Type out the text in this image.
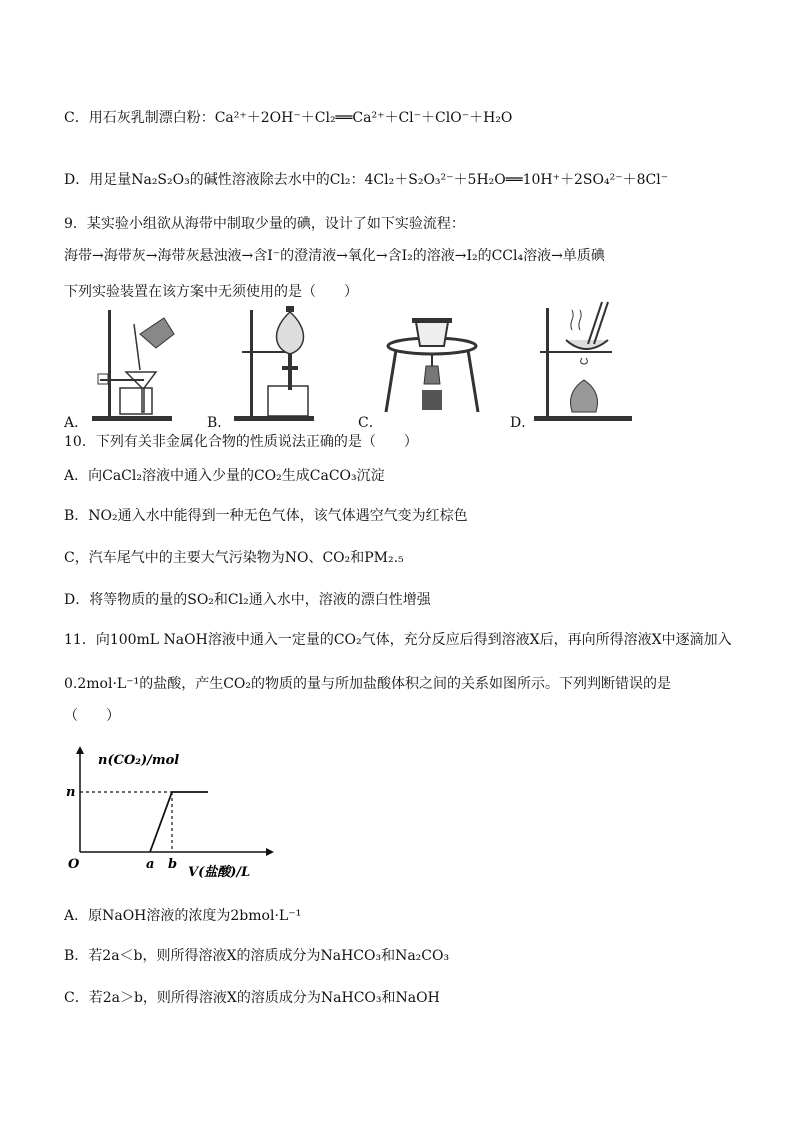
C．用石灰乳制漂白粉：Ca²⁺＋2OH⁻＋Cl₂══Ca²⁺＋Cl⁻＋ClO⁻＋H₂O
D．用足量Na₂S₂O₃的碱性溶液除去水中的Cl₂：4Cl₂＋S₂O₃²⁻＋5H₂O══10H⁺＋2SO₄²⁻＋8Cl⁻
9．某实验小组欲从海带中制取少量的碘，设计了如下实验流程：
海带→海带灰→海带灰悬浊液→含I⁻的澄清液→氧化→含I₂的溶液→I₂的CCl₄溶液→单质碘
下列实验装置在该方案中无须使用的是（　　）
A．	B．	C．	D．
10．下列有关非金属化合物的性质说法正确的是（　　）
A．向CaCl₂溶液中通入少量的CO₂生成CaCO₃沉淀
B．NO₂通入水中能得到一种无色气体，该气体遇空气变为红棕色
C，汽车尾气中的主要大气污染物为NO、CO₂和PM₂.₅
D．将等物质的量的SO₂和Cl₂通入水中，溶液的漂白性增强
11．向100mL NaOH溶液中通入一定量的CO₂气体，充分反应后得到溶液X后，再向所得溶液X中逐滴加入
0.2mol·L⁻¹的盐酸，产生CO₂的物质的量与所加盐酸体积之间的关系如图所示。下列判断错误的是
（　　）
n(CO₂)/mol
n
O	a b
V(盐酸)/L
A．原NaOH溶液的浓度为2bmol·L⁻¹
B．若2a＜b，则所得溶液X的溶质成分为NaHCO₃和Na₂CO₃
C．若2a＞b，则所得溶液X的溶质成分为NaHCO₃和NaOH
